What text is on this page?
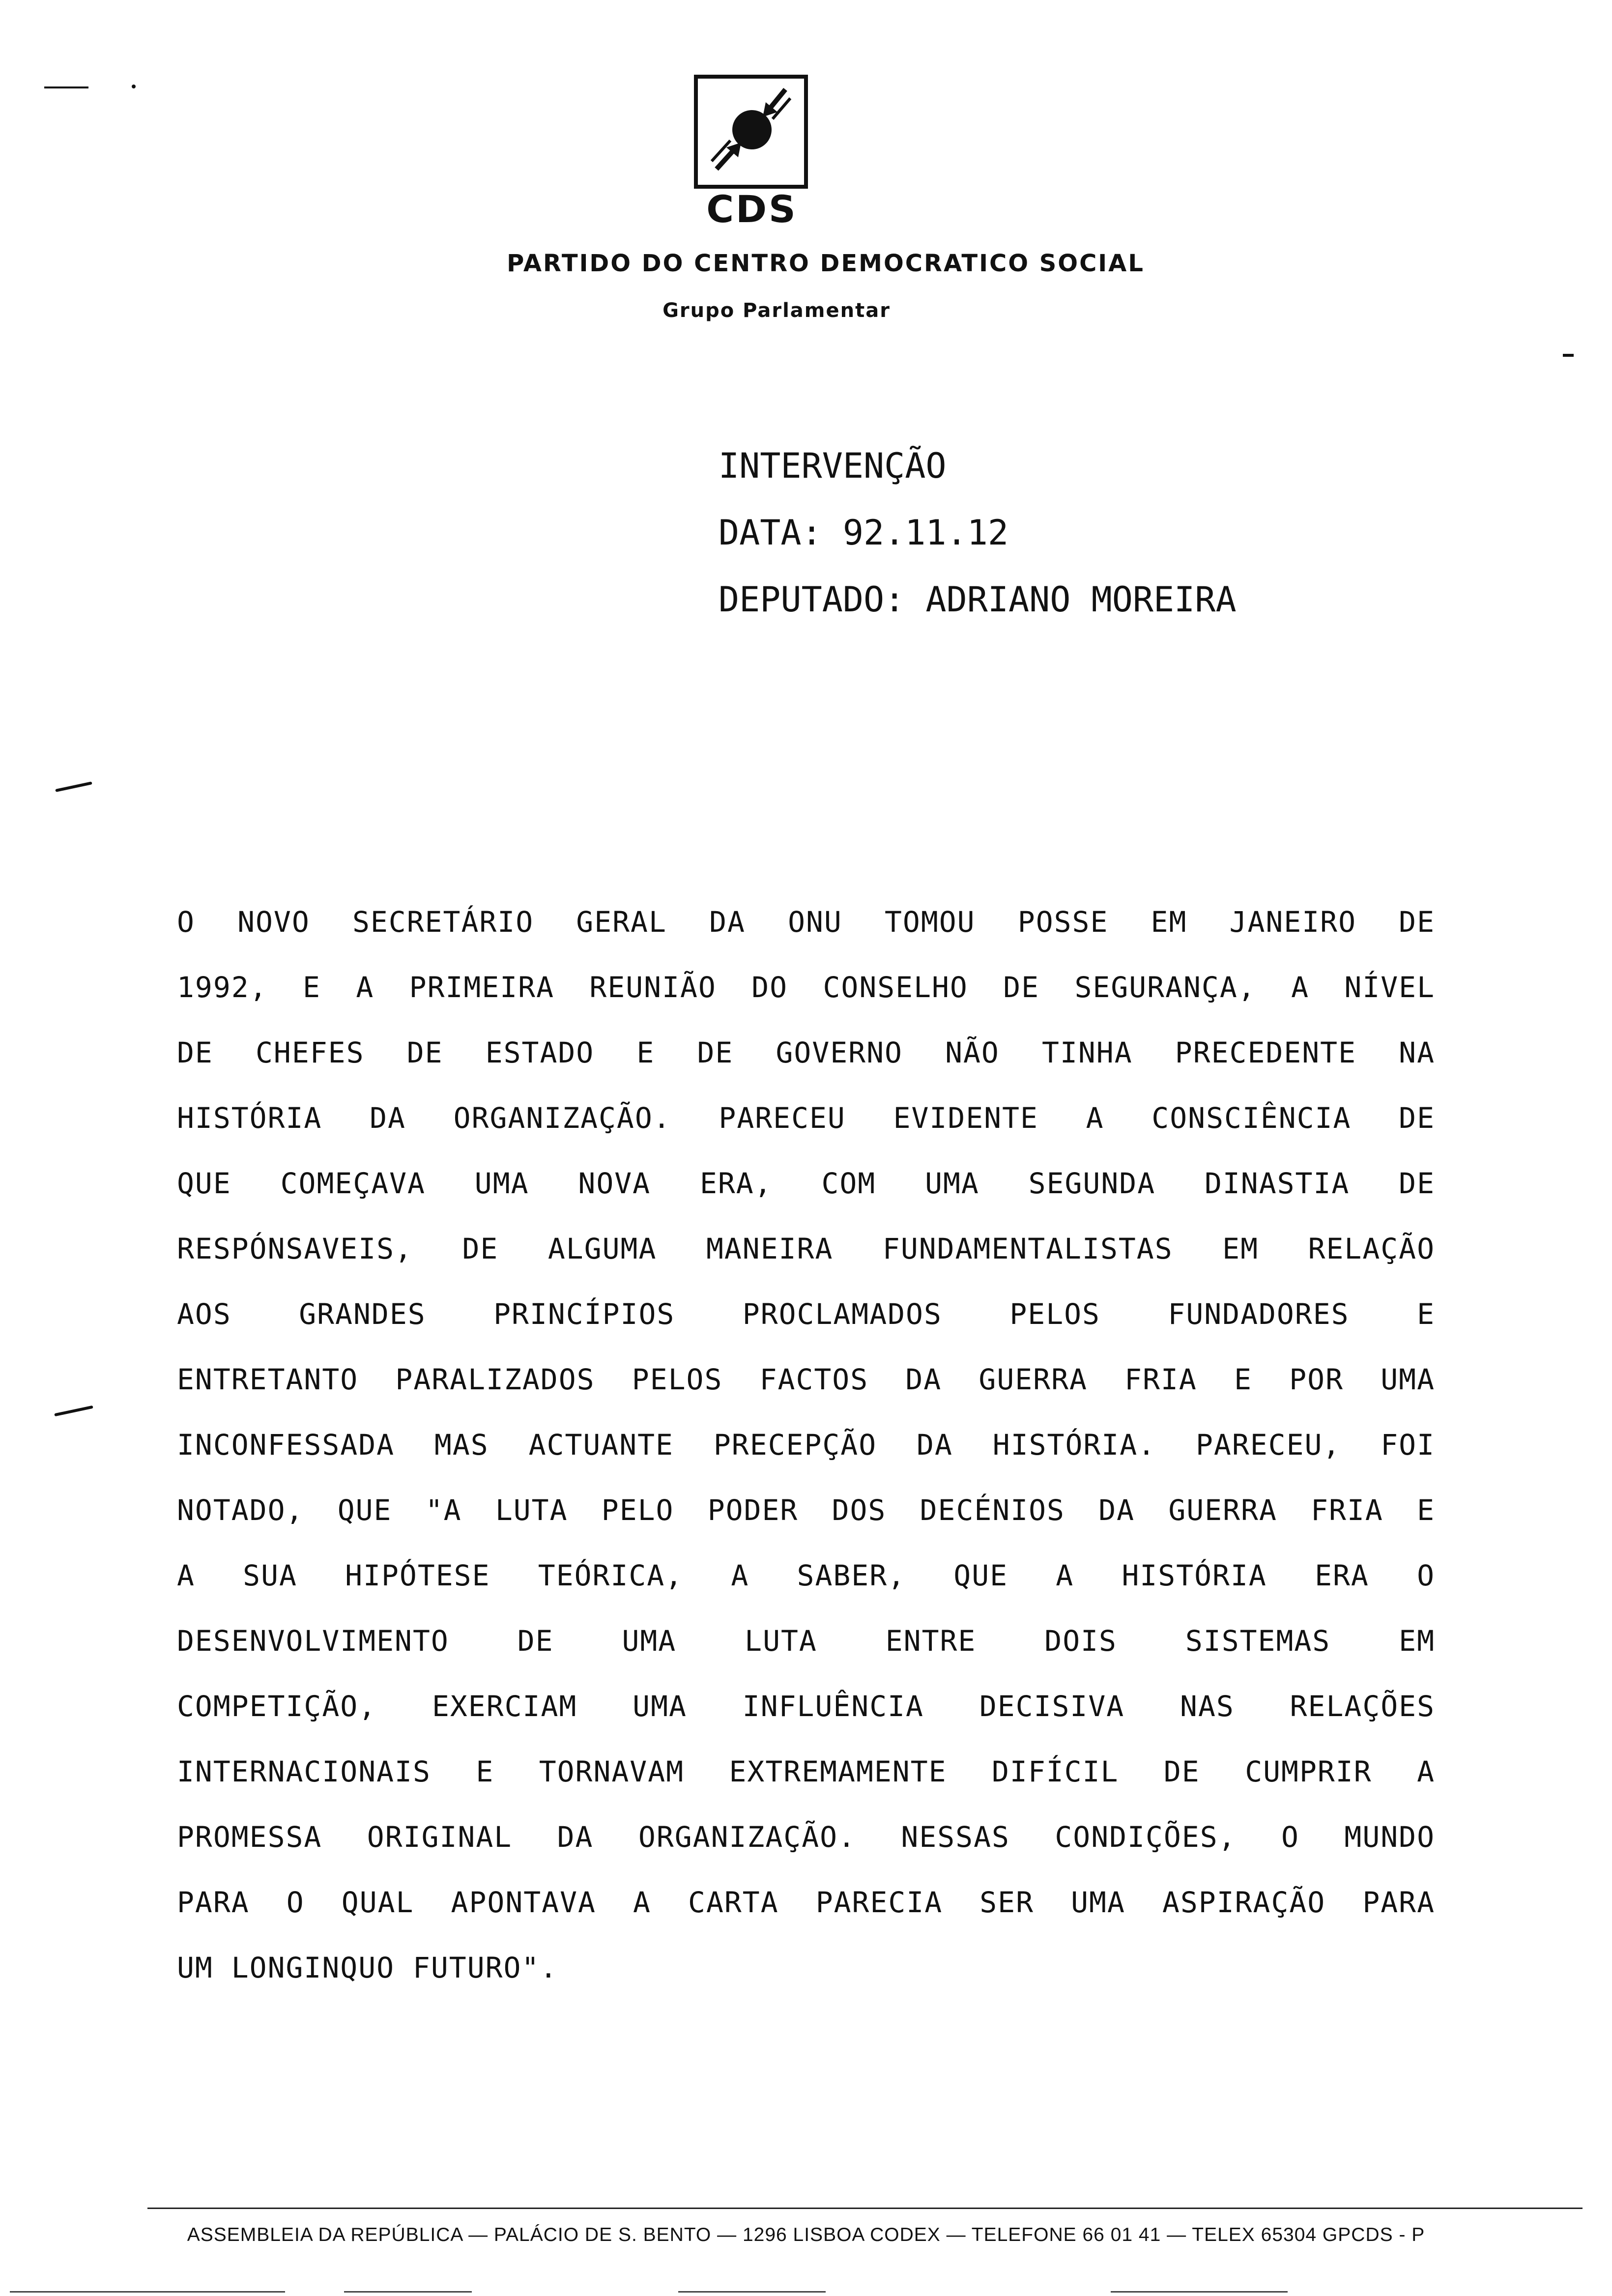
CDS
PARTIDO DO CENTRO DEMOCRATICO SOCIAL
Grupo Parlamentar
INTERVENÇÃO
DATA: 92.11.12
DEPUTADO: ADRIANO MOREIRA
O NOVO SECRETÁRIO GERAL DA ONU TOMOU POSSE EM JANEIRO DE
1992, E A PRIMEIRA REUNIÃO DO CONSELHO DE SEGURANÇA, A NÍVEL
DE CHEFES DE ESTADO E DE GOVERNO NÃO TINHA PRECEDENTE NA
HISTÓRIA DA ORGANIZAÇÃO. PARECEU EVIDENTE A CONSCIÊNCIA DE
QUE COMEÇAVA UMA NOVA ERA, COM UMA SEGUNDA DINASTIA DE
RESPÓNSAVEIS, DE ALGUMA MANEIRA FUNDAMENTALISTAS EM RELAÇÃO
AOS GRANDES PRINCÍPIOS PROCLAMADOS PELOS FUNDADORES E
ENTRETANTO PARALIZADOS PELOS FACTOS DA GUERRA FRIA E POR UMA
INCONFESSADA MAS ACTUANTE PRECEPÇÃO DA HISTÓRIA. PARECEU, FOI
NOTADO, QUE "A LUTA PELO PODER DOS DECÉNIOS DA GUERRA FRIA E
A SUA HIPÓTESE TEÓRICA, A SABER, QUE A HISTÓRIA ERA O
DESENVOLVIMENTO DE UMA LUTA ENTRE DOIS SISTEMAS EM
COMPETIÇÃO, EXERCIAM UMA INFLUÊNCIA DECISIVA NAS RELAÇÕES
INTERNACIONAIS E TORNAVAM EXTREMAMENTE DIFÍCIL DE CUMPRIR A
PROMESSA ORIGINAL DA ORGANIZAÇÃO. NESSAS CONDIÇÕES, O MUNDO
PARA O QUAL APONTAVA A CARTA PARECIA SER UMA ASPIRAÇÃO PARA
UM LONGINQUO FUTURO".
ASSEMBLEIA DA REPÚBLICA — PALÁCIO DE S. BENTO — 1296 LISBOA CODEX — TELEFONE 66 01 41 — TELEX 65304 GPCDS - P
